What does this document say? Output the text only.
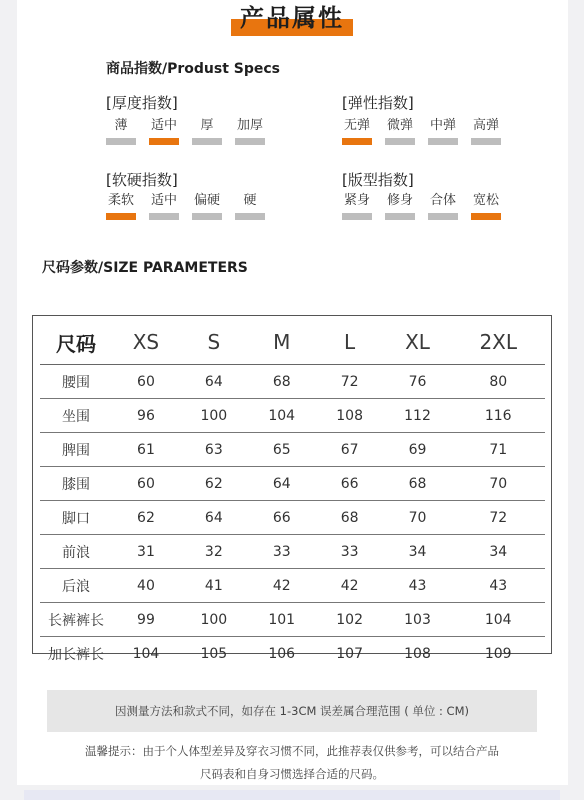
产品属性
商品指数/Produst Specs
[厚度指数]
薄	适中	厚	加厚
[弹性指数]
无弹 微弹 中弹 高弹
[软硬指数]
柔软 适中 偏硬	硬
[版型指数]
紧身 修身 合体 宽松
尺码参数/SIZE PARAMETERS
尺码	XS	S	M	L	XL	2XL
腰围	60	64	68	72	76	80
坐围	96	100	104	108	112	116
脾围	61	63	65	67	69	71
膝围	60	62	64	66	68	70
脚口	62	64	66	68	70	72
前浪	31	32	33	33	34	34
后浪	40	41	42	42	43	43
长裤裤长	99	100	101	102	103	104
加长裤长	104	105	106	107	108	109
因测量方法和款式不同，如存在 1-3CM 误差属合理范围 ( 单位 : CM)
温馨提示：由于个人体型差异及穿衣习惯不同，此推荐表仅供参考，可以结合产品
尺码表和自身习惯选择合适的尺码。
